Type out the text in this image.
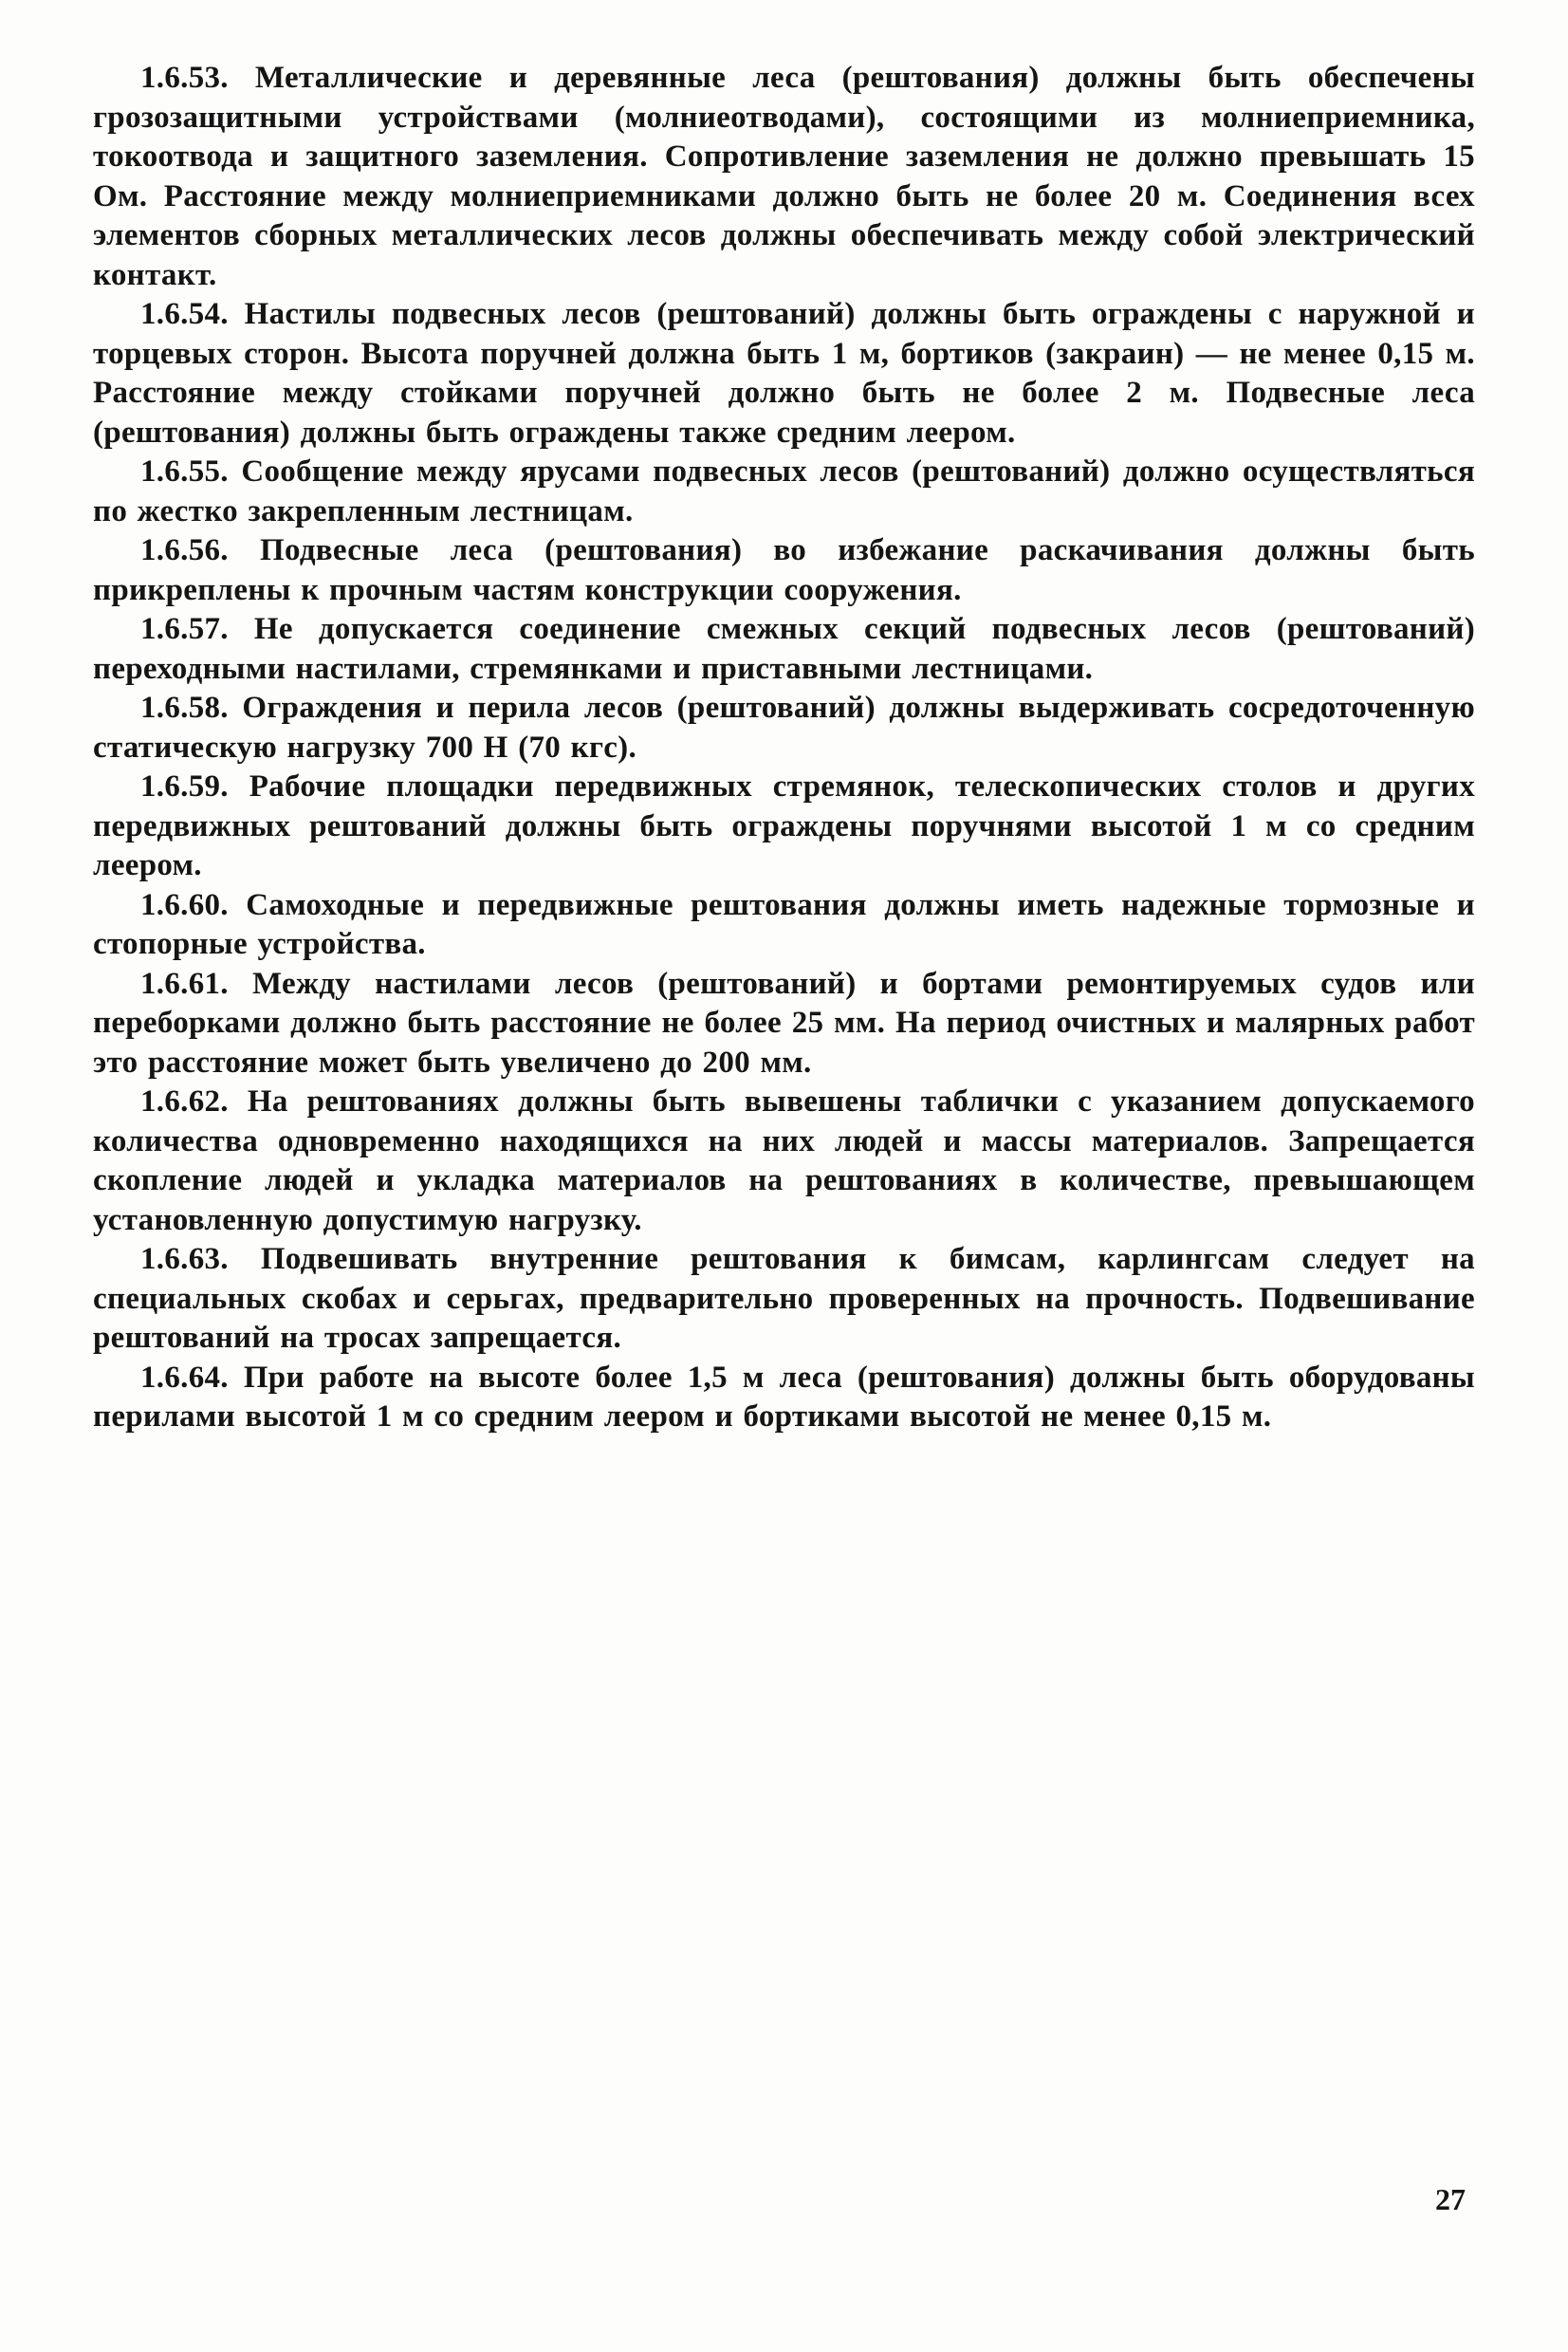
1.6.53. Металлические и деревянные леса (рештования) должны быть обеспечены грозозащитными устройствами (молниеотводами), состоящими из молниеприемника, токоотвода и защитного заземления. Сопротивление заземления не должно превышать 15 Ом. Расстояние между молниеприемниками должно быть не более 20 м. Соединения всех элементов сборных металлических лесов должны обеспечивать между собой электрический контакт.

1.6.54. Настилы подвесных лесов (рештований) должны быть ограждены с наружной и торцевых сторон. Высота поручней должна быть 1 м, бортиков (закраин) — не менее 0,15 м. Расстояние между стойками поручней должно быть не более 2 м. Подвесные леса (рештования) должны быть ограждены также средним леером.

1.6.55. Сообщение между ярусами подвесных лесов (рештований) должно осуществляться по жестко закрепленным лестницам.

1.6.56. Подвесные леса (рештования) во избежание раскачивания должны быть прикреплены к прочным частям конструкции сооружения.

1.6.57. Не допускается соединение смежных секций подвесных лесов (рештований) переходными настилами, стремянками и приставными лестницами.

1.6.58. Ограждения и перила лесов (рештований) должны выдерживать сосредоточенную статическую нагрузку 700 Н (70 кгс).

1.6.59. Рабочие площадки передвижных стремянок, телескопических столов и других передвижных рештований должны быть ограждены поручнями высотой 1 м со средним леером.

1.6.60. Самоходные и передвижные рештования должны иметь надежные тормозные и стопорные устройства.

1.6.61. Между настилами лесов (рештований) и бортами ремонтируемых судов или переборками должно быть расстояние не более 25 мм. На период очистных и малярных работ это расстояние может быть увеличено до 200 мм.

1.6.62. На рештованиях должны быть вывешены таблички с указанием допускаемого количества одновременно находящихся на них людей и массы материалов. Запрещается скопление людей и укладка материалов на рештованиях в количестве, превышающем установленную допустимую нагрузку.

1.6.63. Подвешивать внутренние рештования к бимсам, карлингсам следует на специальных скобах и серьгах, предварительно проверенных на прочность. Подвешивание рештований на тросах запрещается.

1.6.64. При работе на высоте более 1,5 м леса (рештования) должны быть оборудованы перилами высотой 1 м со средним леером и бортиками высотой не менее 0,15 м.

27
